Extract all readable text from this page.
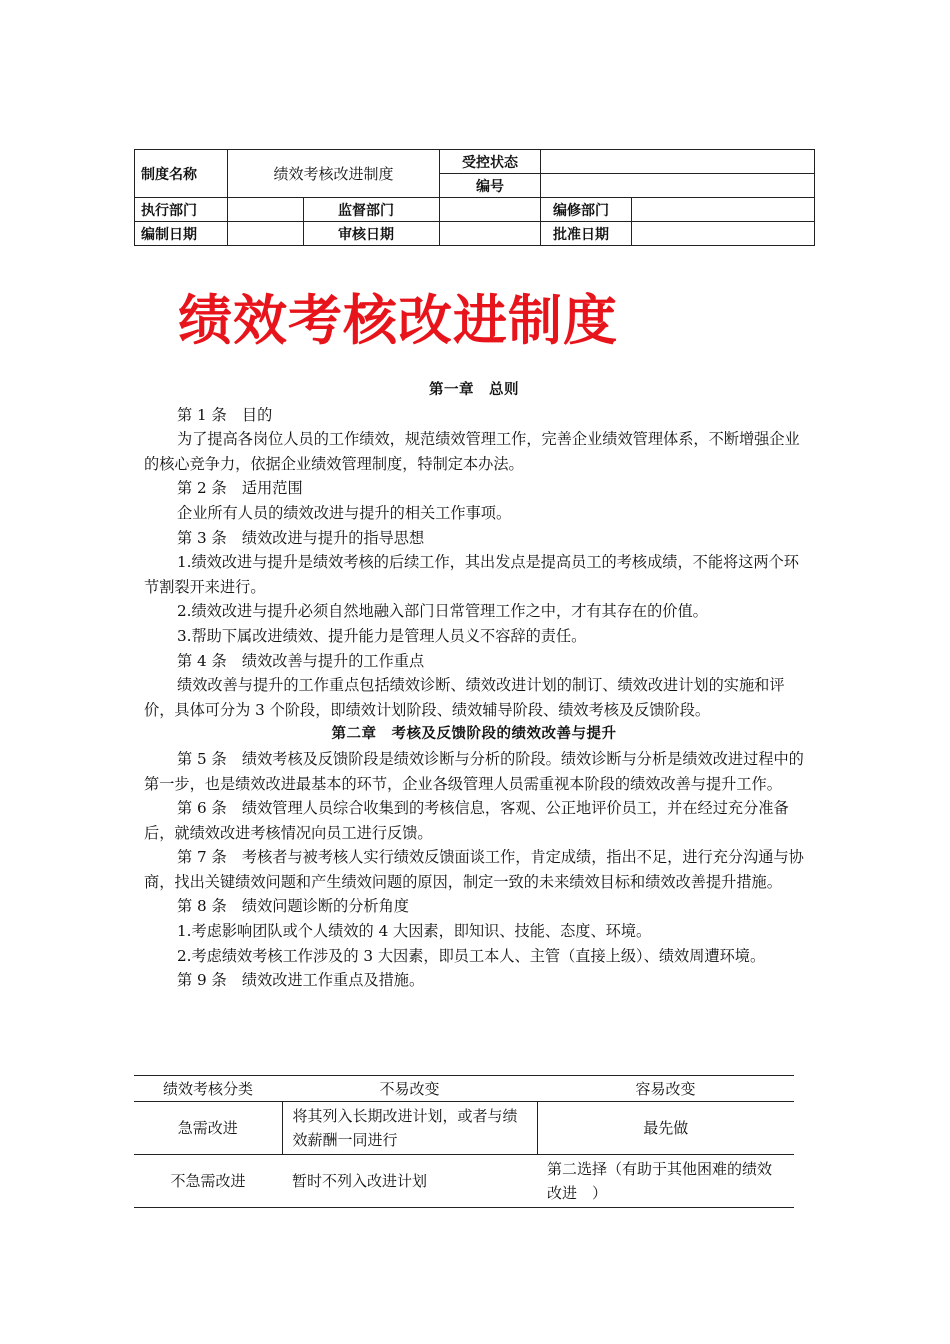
制度名称	绩效考核改进制度		受控状态		
			编号		
执行部门		监督部门		编修部门	
编制日期		审核日期		批准日期	
绩效考核改进制度

第一章　总则

第 1 条　目的

为了提高各岗位人员的工作绩效，规范绩效管理工作，完善企业绩效管理体系，不断增强企业的核心竞争力，依据企业绩效管理制度，特制定本办法。

第 2 条　适用范围

企业所有人员的绩效改进与提升的相关工作事项。

第 3 条　绩效改进与提升的指导思想

1.绩效改进与提升是绩效考核的后续工作，其出发点是提高员工的考核成绩，不能将这两个环节割裂开来进行。

2.绩效改进与提升必须自然地融入部门日常管理工作之中，才有其存在的价值。

3.帮助下属改进绩效、提升能力是管理人员义不容辞的责任。

第 4 条　绩效改善与提升的工作重点

绩效改善与提升的工作重点包括绩效诊断、绩效改进计划的制订、绩效改进计划的实施和评价，具体可分为 3 个阶段，即绩效计划阶段、绩效辅导阶段、绩效考核及反馈阶段。

第二章　考核及反馈阶段的绩效改善与提升

第 5 条　绩效考核及反馈阶段是绩效诊断与分析的阶段。绩效诊断与分析是绩效改进过程中的第一步，也是绩效改进最基本的环节，企业各级管理人员需重视本阶段的绩效改善与提升工作。

第 6 条　绩效管理人员综合收集到的考核信息，客观、公正地评价员工，并在经过充分准备后，就绩效改进考核情况向员工进行反馈。

第 7 条　考核者与被考核人实行绩效反馈面谈工作，肯定成绩，指出不足，进行充分沟通与协商，找出关键绩效问题和产生绩效问题的原因，制定一致的未来绩效目标和绩效改善提升措施。

第 8 条　绩效问题诊断的分析角度

1.考虑影响团队或个人绩效的 4 大因素，即知识、技能、态度、环境。

2.考虑绩效考核工作涉及的 3 大因素，即员工本人、主管（直接上级）、绩效周遭环境。

第 9 条　绩效改进工作重点及措施。

绩效考核分类	不易改变	容易改变
急需改进	将其列入长期改进计划，或者与绩效薪酬一同进行	最先做
不急需改进	暂时不列入改进计划	第二选择（有助于其他困难的绩效改进　）
